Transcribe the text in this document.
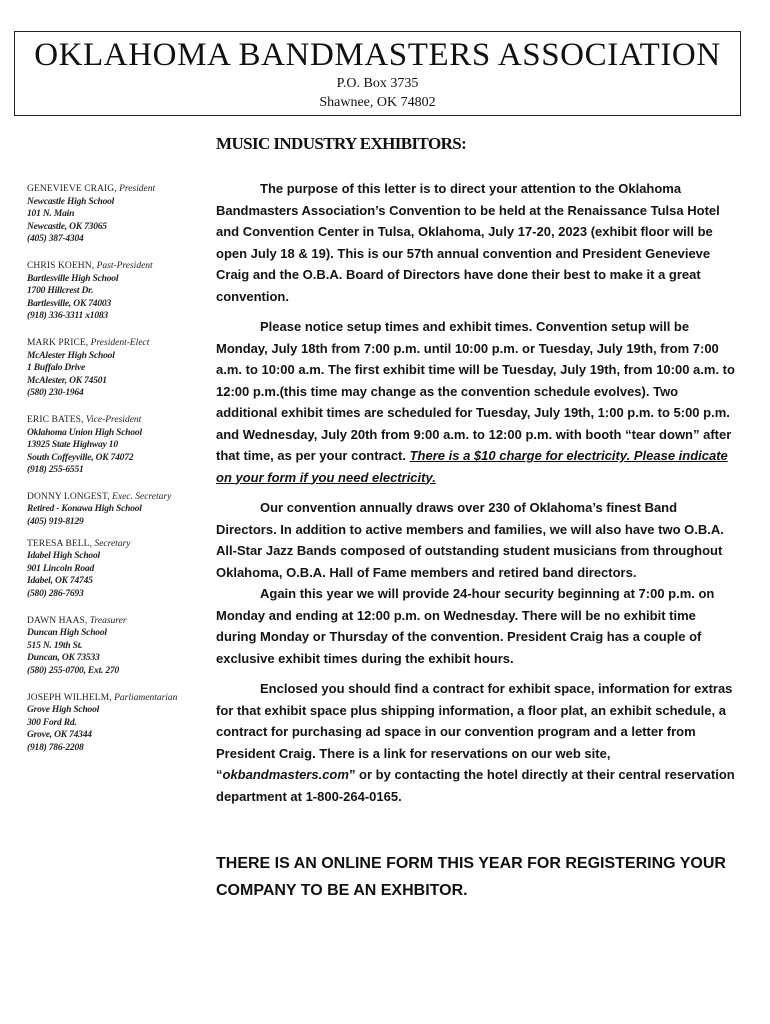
OKLAHOMA BANDMASTERS ASSOCIATION
P.O. Box 3735
Shawnee, OK 74802
MUSIC INDUSTRY EXHIBITORS:
GENEVIEVE CRAIG, President
Newcastle High School
101 N. Main
Newcastle, OK 73065
(405) 387-4304
CHRIS KOEHN, Past-President
Bartlesville High School
1700 Hillcrest Dr.
Bartlesville, OK 74003
(918) 336-3311 x1083
MARK PRICE, President-Elect
McAlester High School
1 Buffalo Drive
McAlester, OK 74501
(580) 230-1964
ERIC BATES, Vice-President
Oklahoma Union High School
13925 State Highway 10
South Coffeyville, OK 74072
(918) 255-6551
DONNY LONGEST, Exec. Secretary
Retired - Konawa High School
(405) 919-8129
TERESA BELL, Secretary
Idabel High School
901 Lincoln Road
Idabel, OK 74745
(580) 286-7693
DAWN HAAS, Treasurer
Duncan High School
515 N. 19th St.
Duncan, OK 73533
(580) 255-0700, Ext. 270
JOSEPH WILHELM, Parliamentarian
Grove High School
300 Ford Rd.
Grove, OK 74344
(918) 786-2208

The purpose of this letter is to direct your attention to the Oklahoma Bandmasters Association’s Convention to be held at the Renaissance Tulsa Hotel and Convention Center in Tulsa, Oklahoma, July 17-20, 2023 (exhibit floor will be open July 18 & 19). This is our 57th annual convention and President Genevieve Craig and the O.B.A. Board of Directors have done their best to make it a great convention.

Please notice setup times and exhibit times. Convention setup will be Monday, July 18th from 7:00 p.m. until 10:00 p.m. or Tuesday, July 19th, from 7:00 a.m. to 10:00 a.m. The first exhibit time will be Tuesday, July 19th, from 10:00 a.m. to 12:00 p.m.(this time may change as the convention schedule evolves). Two additional exhibit times are scheduled for Tuesday, July 19th, 1:00 p.m. to 5:00 p.m. and Wednesday, July 20th from 9:00 a.m. to 12:00 p.m. with booth “tear down” after that time, as per your contract. There is a $10 charge for electricity. Please indicate on your form if you need electricity.

Our convention annually draws over 230 of Oklahoma’s finest Band Directors. In addition to active members and families, we will also have two O.B.A. All-Star Jazz Bands composed of outstanding student musicians from throughout Oklahoma, O.B.A. Hall of Fame members and retired band directors.

Again this year we will provide 24-hour security beginning at 7:00 p.m. on Monday and ending at 12:00 p.m. on Wednesday. There will be no exhibit time during Monday or Thursday of the convention. President Craig has a couple of exclusive exhibit times during the exhibit hours.

Enclosed you should find a contract for exhibit space, information for extras for that exhibit space plus shipping information, a floor plat, an exhibit schedule, a contract for purchasing ad space in our convention program and a letter from President Craig. There is a link for reservations on our web site, “okbandmasters.com” or by contacting the hotel directly at their central reservation department at 1-800-264-0165.

THERE IS AN ONLINE FORM THIS YEAR FOR REGISTERING YOUR COMPANY TO BE AN EXHBITOR.
